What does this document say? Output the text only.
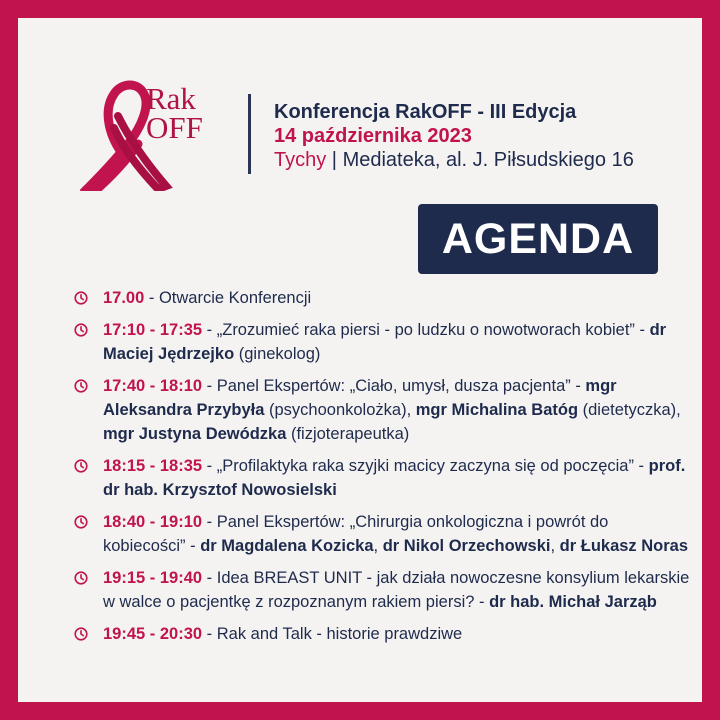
Rak
OFF	Konferencja RakOFF - III Edycja
14 października 2023
Tychy | Mediateka, al. J. Piłsudskiego 16
AGENDA
17.00 - Otwarcie Konferencji
17:10 - 17:35 - „Zrozumieć raka piersi - po ludzku o nowotworach kobiet” - dr Maciej Jędrzejko (ginekolog)
17:40 - 18:10 - Panel Ekspertów: „Ciało, umysł, dusza pacjenta” - mgr Aleksandra Przybyła (psychoonkolożka), mgr Michalina Batóg (dietetyczka), mgr Justyna Dewódzka (fizjoterapeutka)
18:15 - 18:35 - „Profilaktyka raka szyjki macicy zaczyna się od poczęcia” - prof. dr hab. Krzysztof Nowosielski
18:40 - 19:10 - Panel Ekspertów: „Chirurgia onkologiczna i powrót do kobiecości” - dr Magdalena Kozicka, dr Nikol Orzechowski, dr Łukasz Noras
19:15 - 19:40 - Idea BREAST UNIT - jak działa nowoczesne konsylium lekarskie w walce o pacjentkę z rozpoznanym rakiem piersi? - dr hab. Michał Jarząb
19:45 - 20:30 - Rak and Talk - historie prawdziwe
